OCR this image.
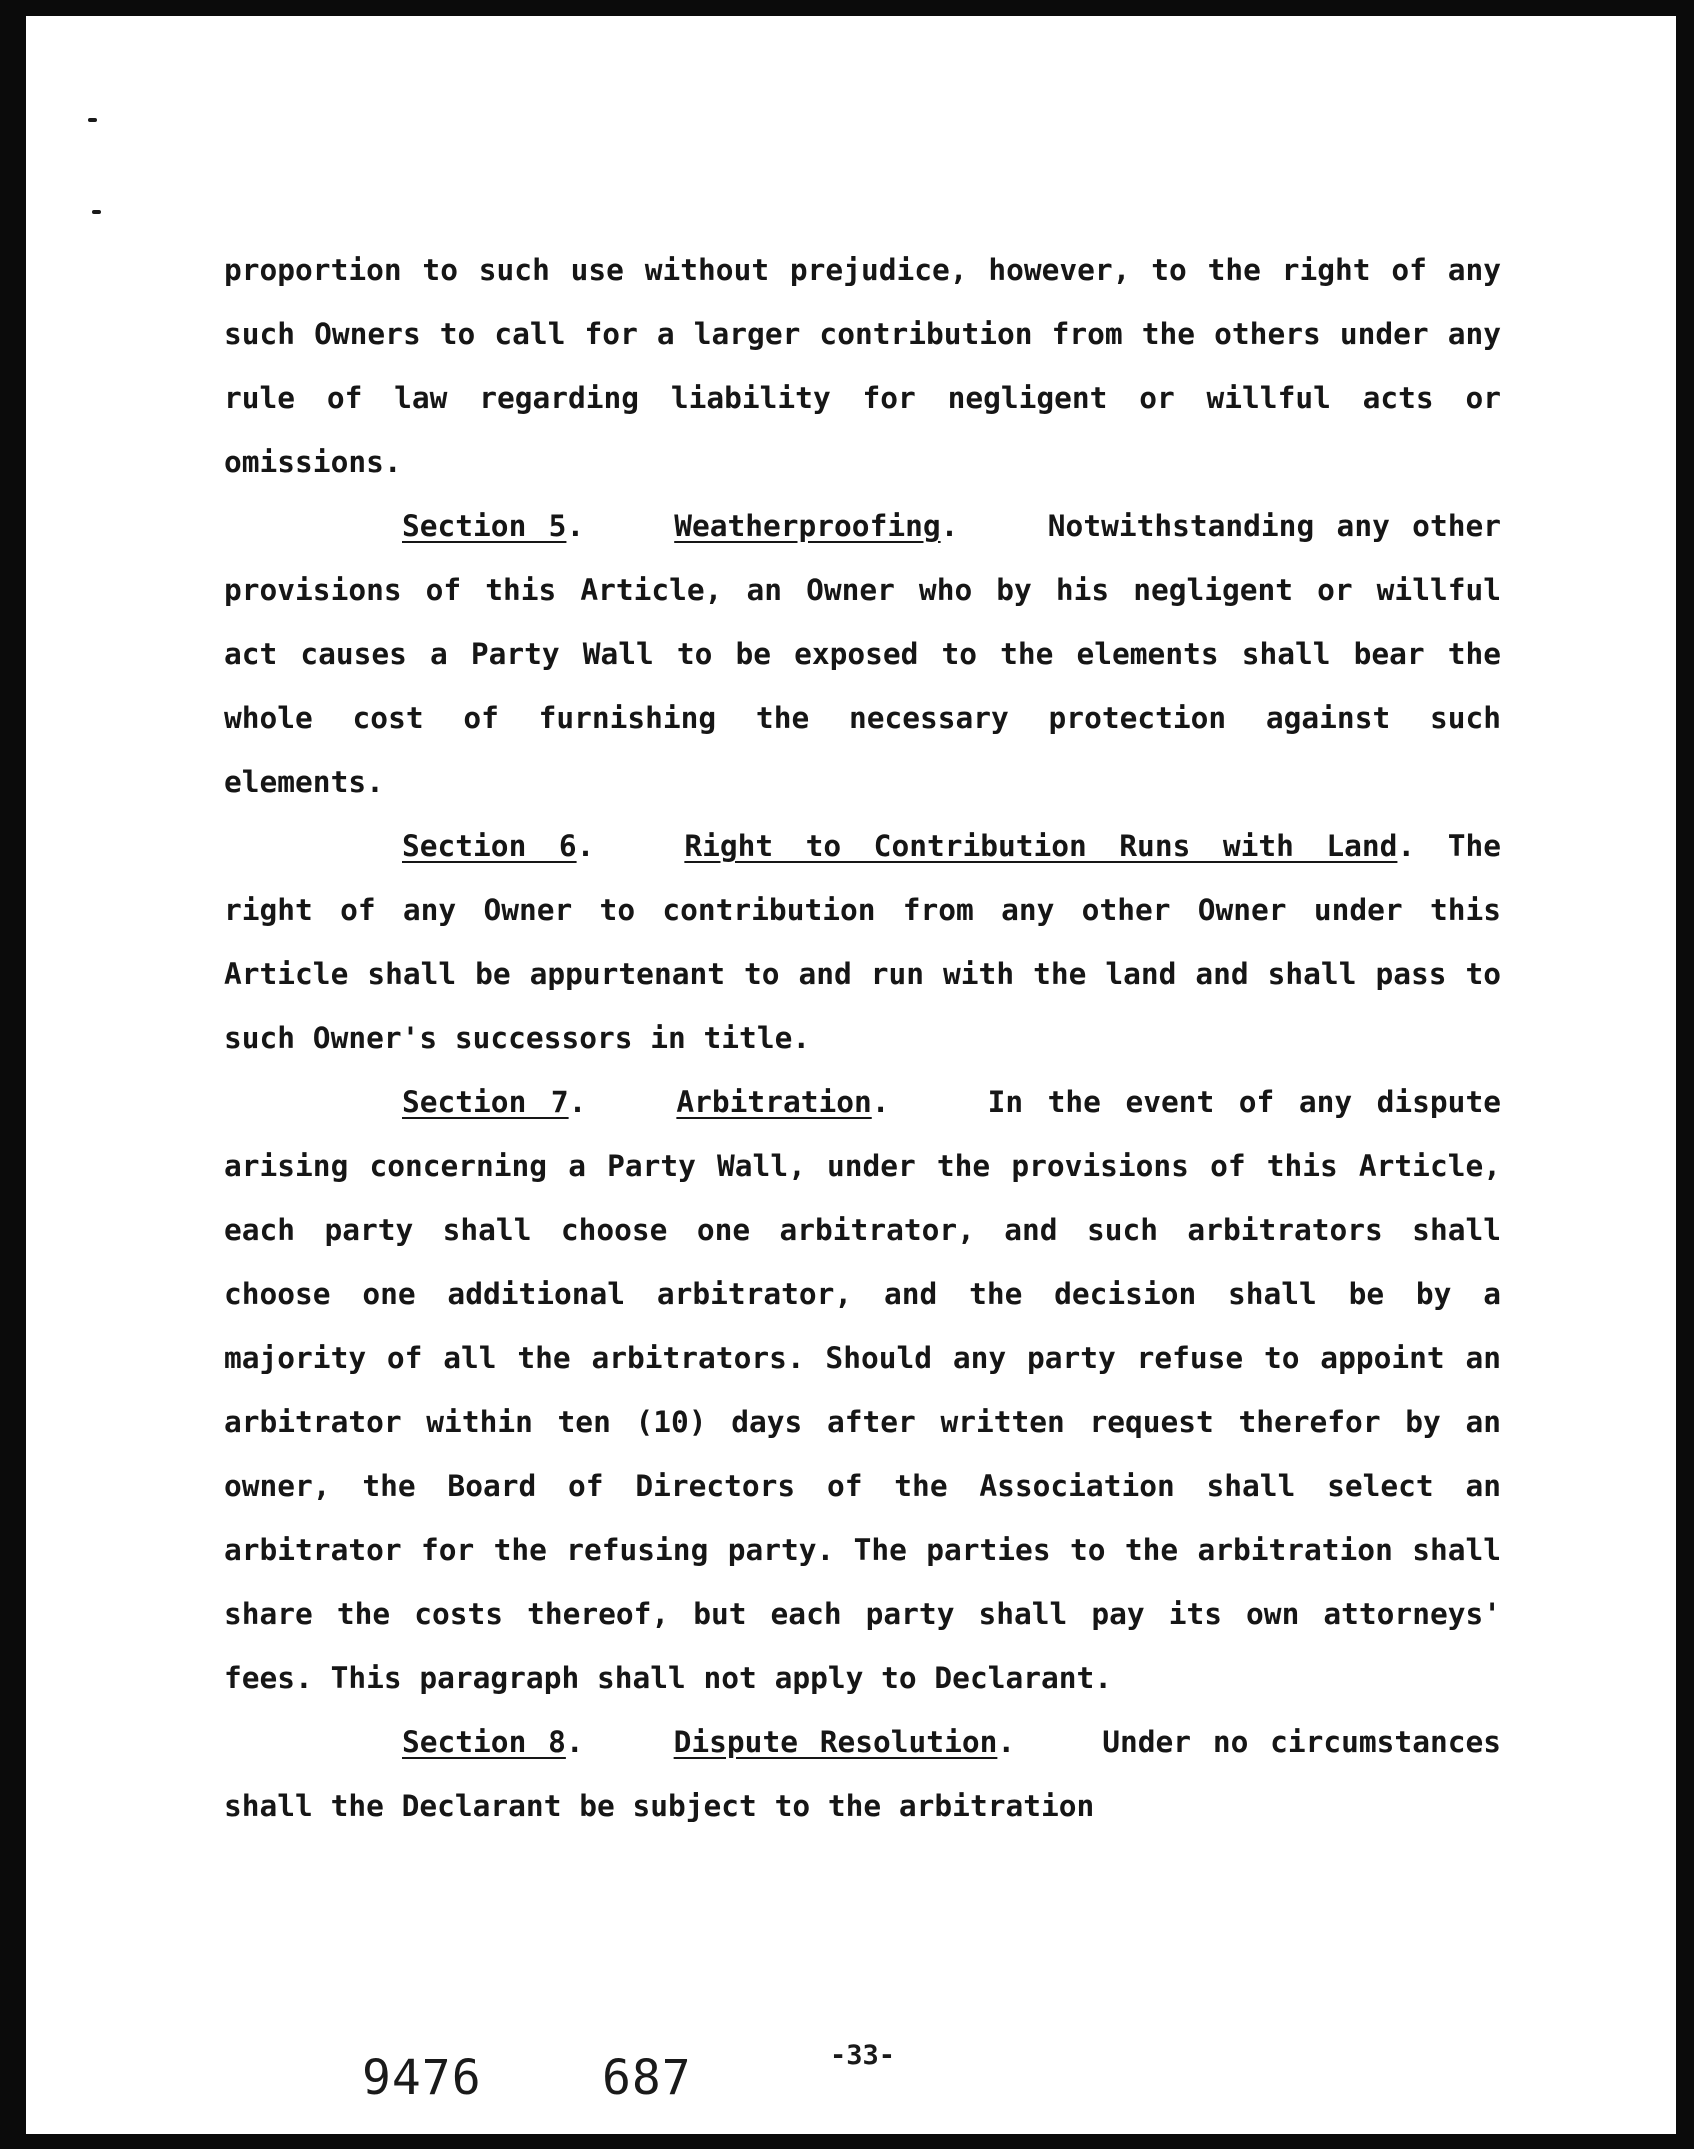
proportion to such use without prejudice, however, to the right of any such Owners to call for a larger contribution from the others under any rule of law regarding liability for negligent or willful acts or omissions.

Section 5.	Weatherproofing.    Notwithstanding any other provisions of this Article, an Owner who by his negligent or willful act causes a Party Wall to be exposed to the elements shall bear the whole cost of furnishing the necessary protection against such elements.

Section 6.	Right to Contribution Runs with Land. The right of any Owner to contribution from any other Owner under this Article shall be appurtenant to and run with the land and shall pass to such Owner's successors in title.

Section 7.	Arbitration.    In the event of any dispute arising concerning a Party Wall, under the provisions of this Article, each party shall choose one arbitrator, and such arbitrators shall choose one additional arbitrator, and the decision shall be by a majority of all the arbitrators. Should any party refuse to appoint an arbitrator within ten (10) days after written request therefor by an owner, the Board of Directors of the Association shall select an arbitrator for the refusing party. The parties to the arbitration shall share the costs thereof, but each party shall pay its own attorneys' fees. This paragraph shall not apply to Declarant.

Section 8.	Dispute Resolution.    Under no circumstances shall the Declarant be subject to the arbitration

9476	687	-33-
